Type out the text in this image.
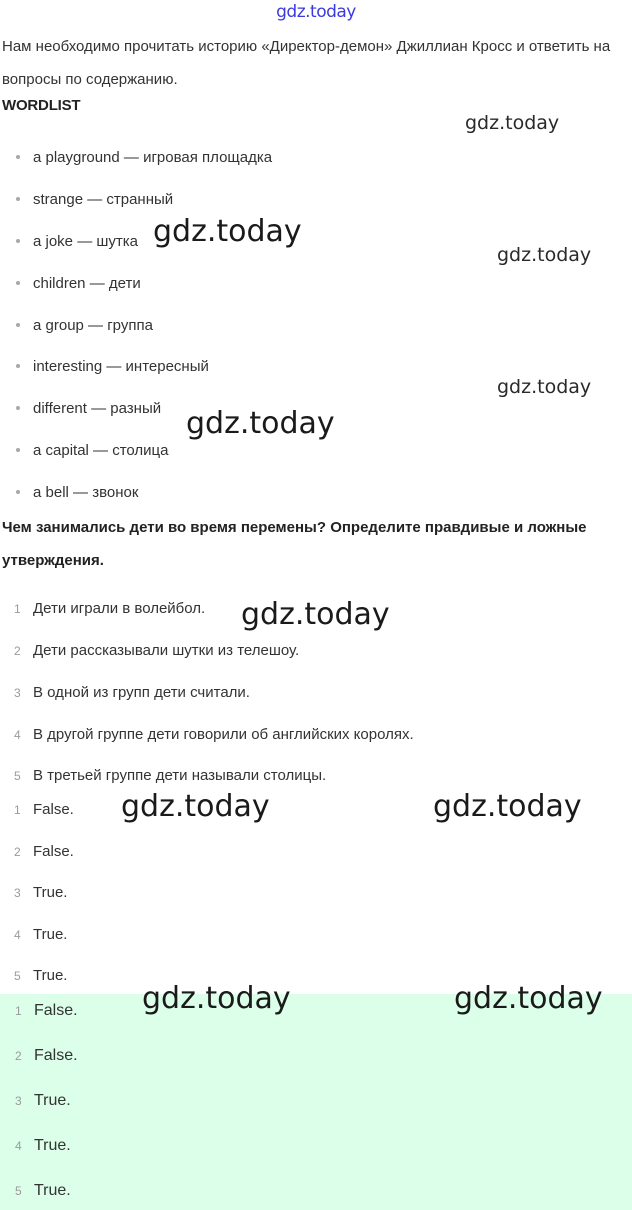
gdz.today
Нам необходимо прочитать историю «Директор-демон» Джиллиан Кросс и ответить на вопросы по содержанию.
WORDLIST
a playground — игровая площадка
strange — странный
a joke — шутка
children — дети
a group — группа
interesting — интересный
different — разный
a capital — столица
a bell — звонок
Чем занимались дети во время перемены? Определите правдивые и ложные утверждения.
1 Дети играли в волейбол.
2 Дети рассказывали шутки из телешоу.
3 В одной из групп дети считали.
4 В другой группе дети говорили об английских королях.
5 В третьей группе дети называли столицы.
1 False.
2 False.
3 True.
4 True.
5 True.
1 False.
2 False.
3 True.
4 True.
5 True.
gdz.today
gdz.today
gdz.today
gdz.today
gdz.today
gdz.today
gdz.today	gdz.today
gdz.today	gdz.today
